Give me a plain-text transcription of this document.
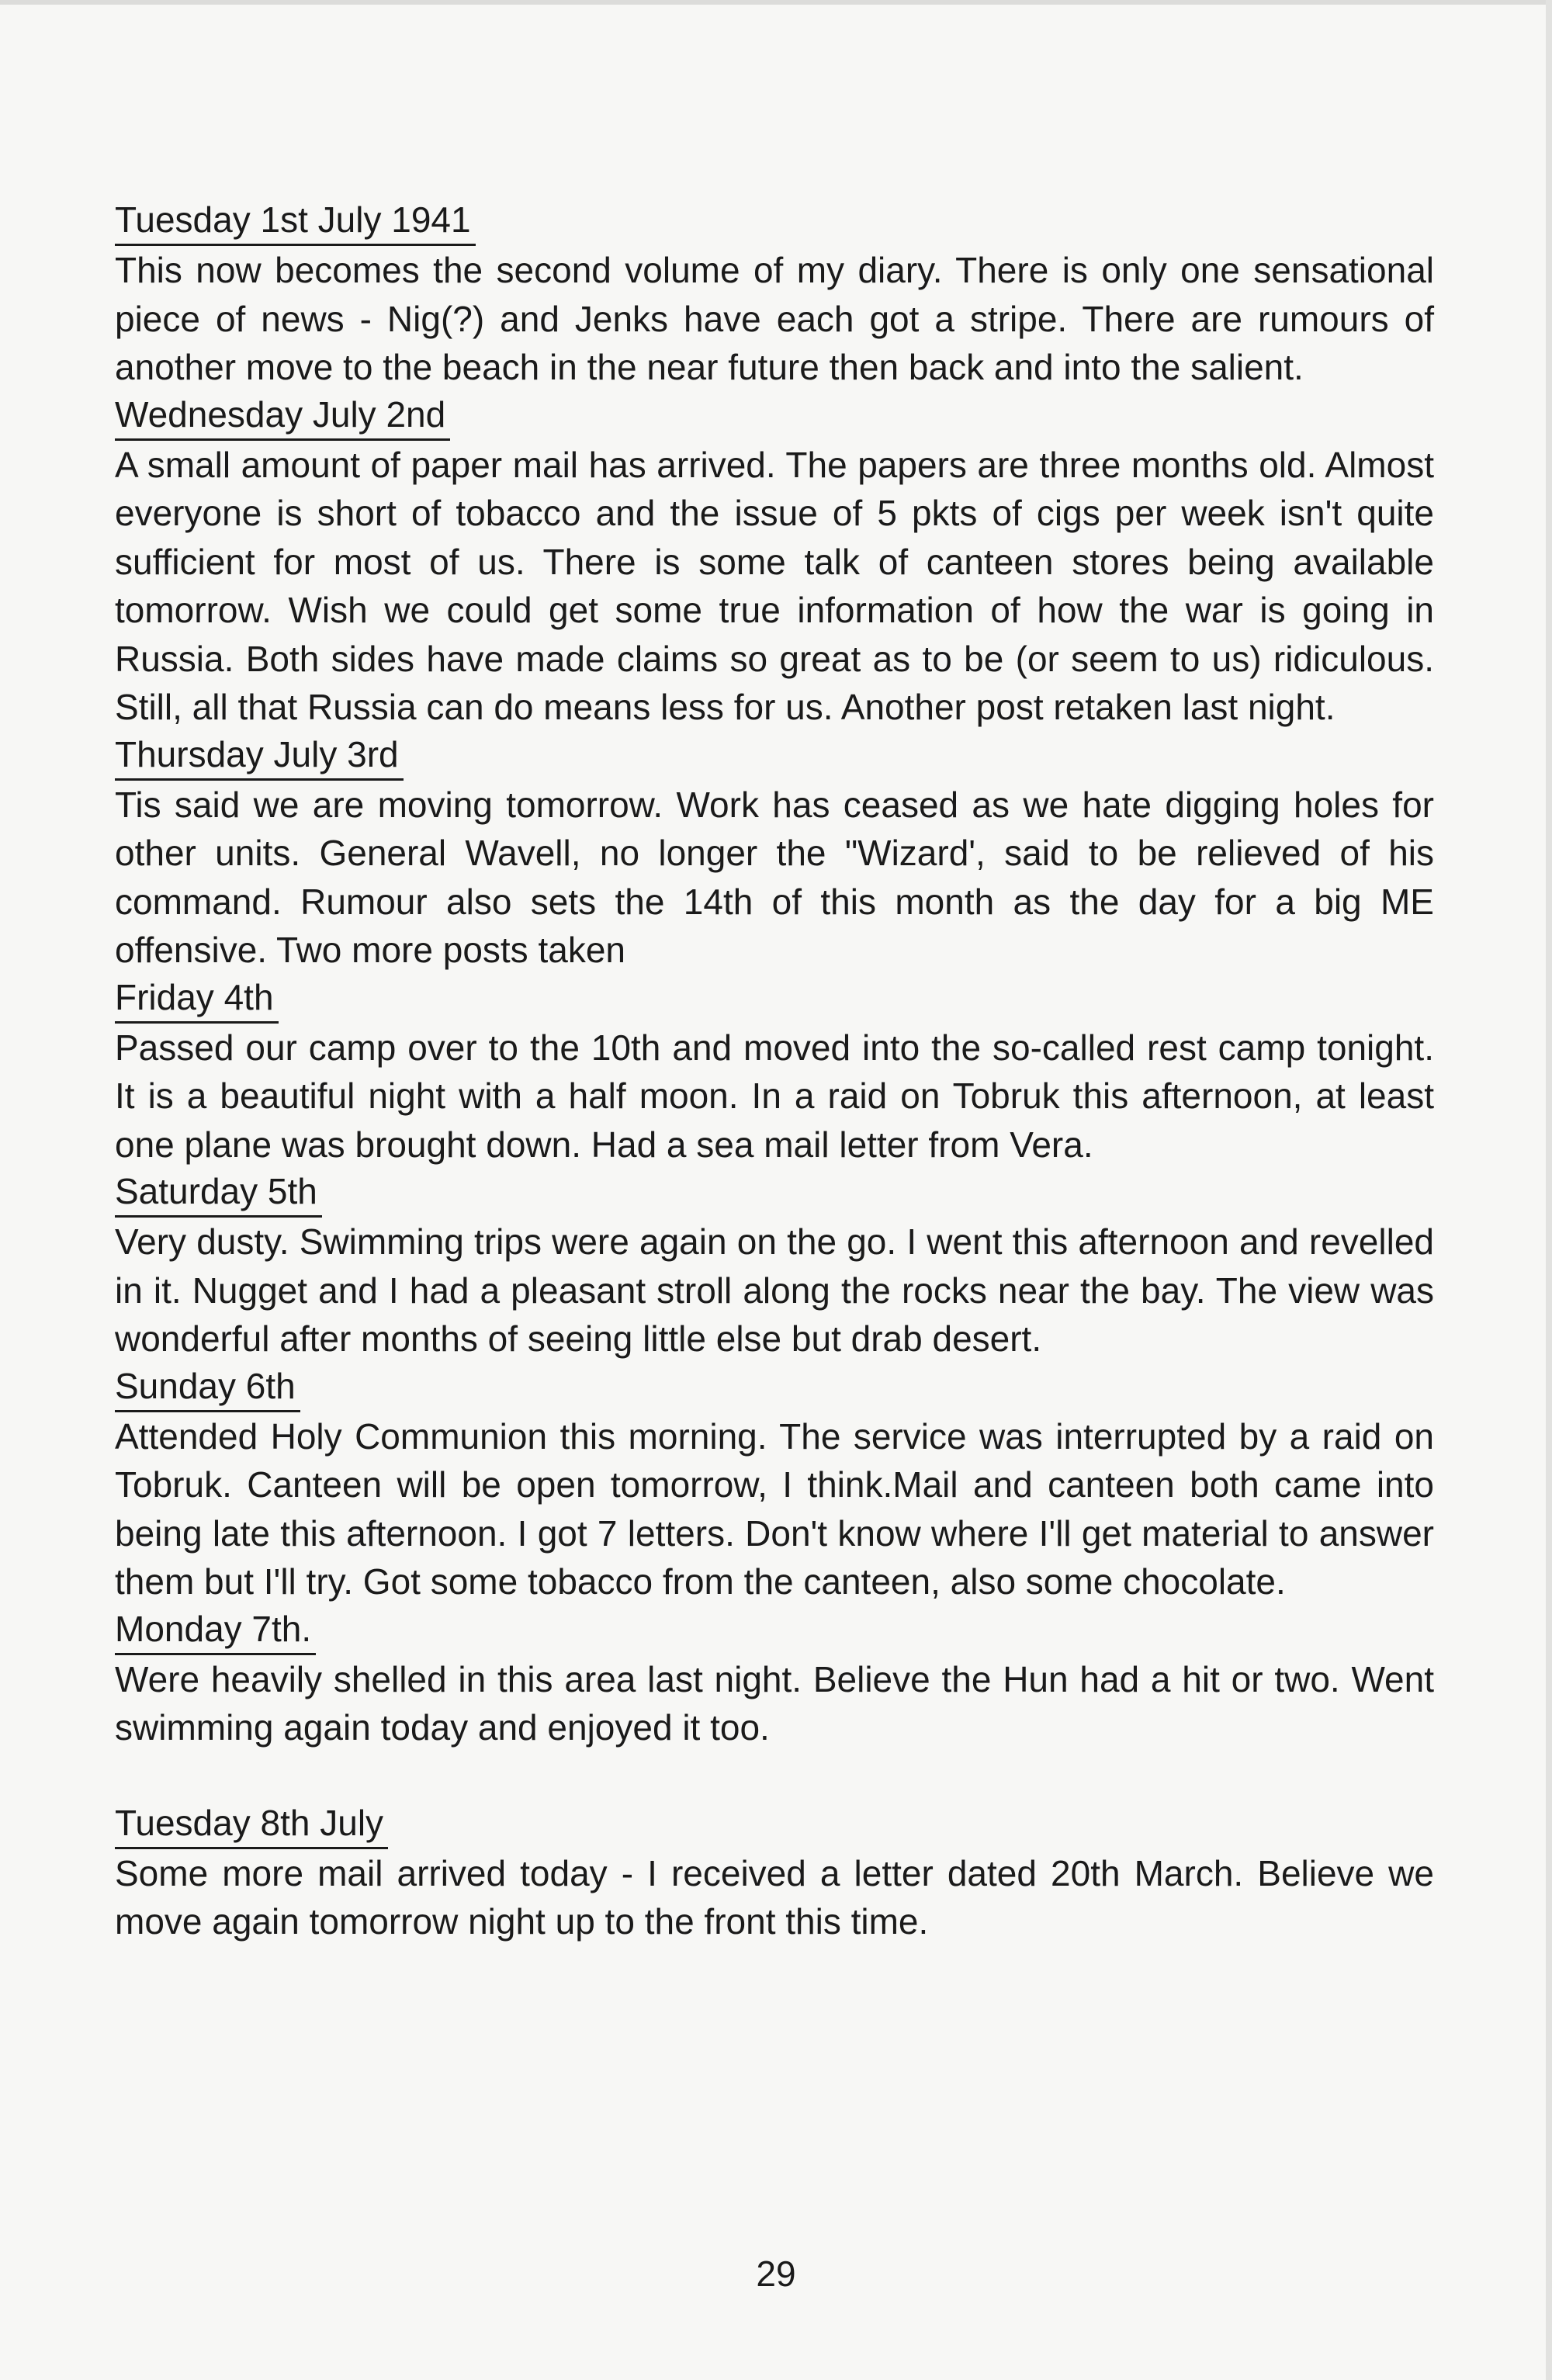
Tuesday 1st July 1941

This now becomes the second volume of my diary. There is only one sensational piece of news - Nig(?) and Jenks have each got a stripe. There are rumours of another move to the beach in the near future then back and into the salient.

Wednesday July 2nd

A small amount of paper mail has arrived. The papers are three months old. Almost everyone is short of tobacco and the issue of 5 pkts of cigs per week isn't quite sufficient for most of us. There is some talk of canteen stores being available tomorrow. Wish we could get some true information of how the war is going in Russia. Both sides have made claims so great as to be (or seem to us) ridiculous. Still, all that Russia can do means less for us. Another post retaken last night.

Thursday July 3rd

Tis said we are moving tomorrow. Work has ceased as we hate digging holes for other units. General Wavell, no longer the "Wizard', said to be relieved of his command. Rumour also sets the 14th of this month as the day for a big ME offensive. Two more posts taken

Friday 4th

Passed our camp over to the 10th and moved into the so-called rest camp tonight. It is a beautiful night with a half moon. In a raid on Tobruk this afternoon, at least one plane was brought down. Had a sea mail letter from Vera.

Saturday 5th

Very dusty. Swimming trips were again on the go. I went this afternoon and revelled in it. Nugget and I had a pleasant stroll along the rocks near the bay. The view was wonderful after months of seeing little else but drab desert.

Sunday 6th

Attended Holy Communion this morning. The service was interrupted by a raid on Tobruk. Canteen will be open tomorrow, I think.Mail and canteen both came into being late this afternoon. I got 7 letters. Don't know where I'll get material to answer them but I'll try. Got some tobacco from the canteen, also some chocolate.

Monday 7th.

Were heavily shelled in this area last night. Believe the Hun had a hit or two. Went swimming again today and enjoyed it too.

Tuesday 8th July

Some more mail arrived today - I received a letter dated 20th March. Believe we move again tomorrow night up to the front this time.

29
